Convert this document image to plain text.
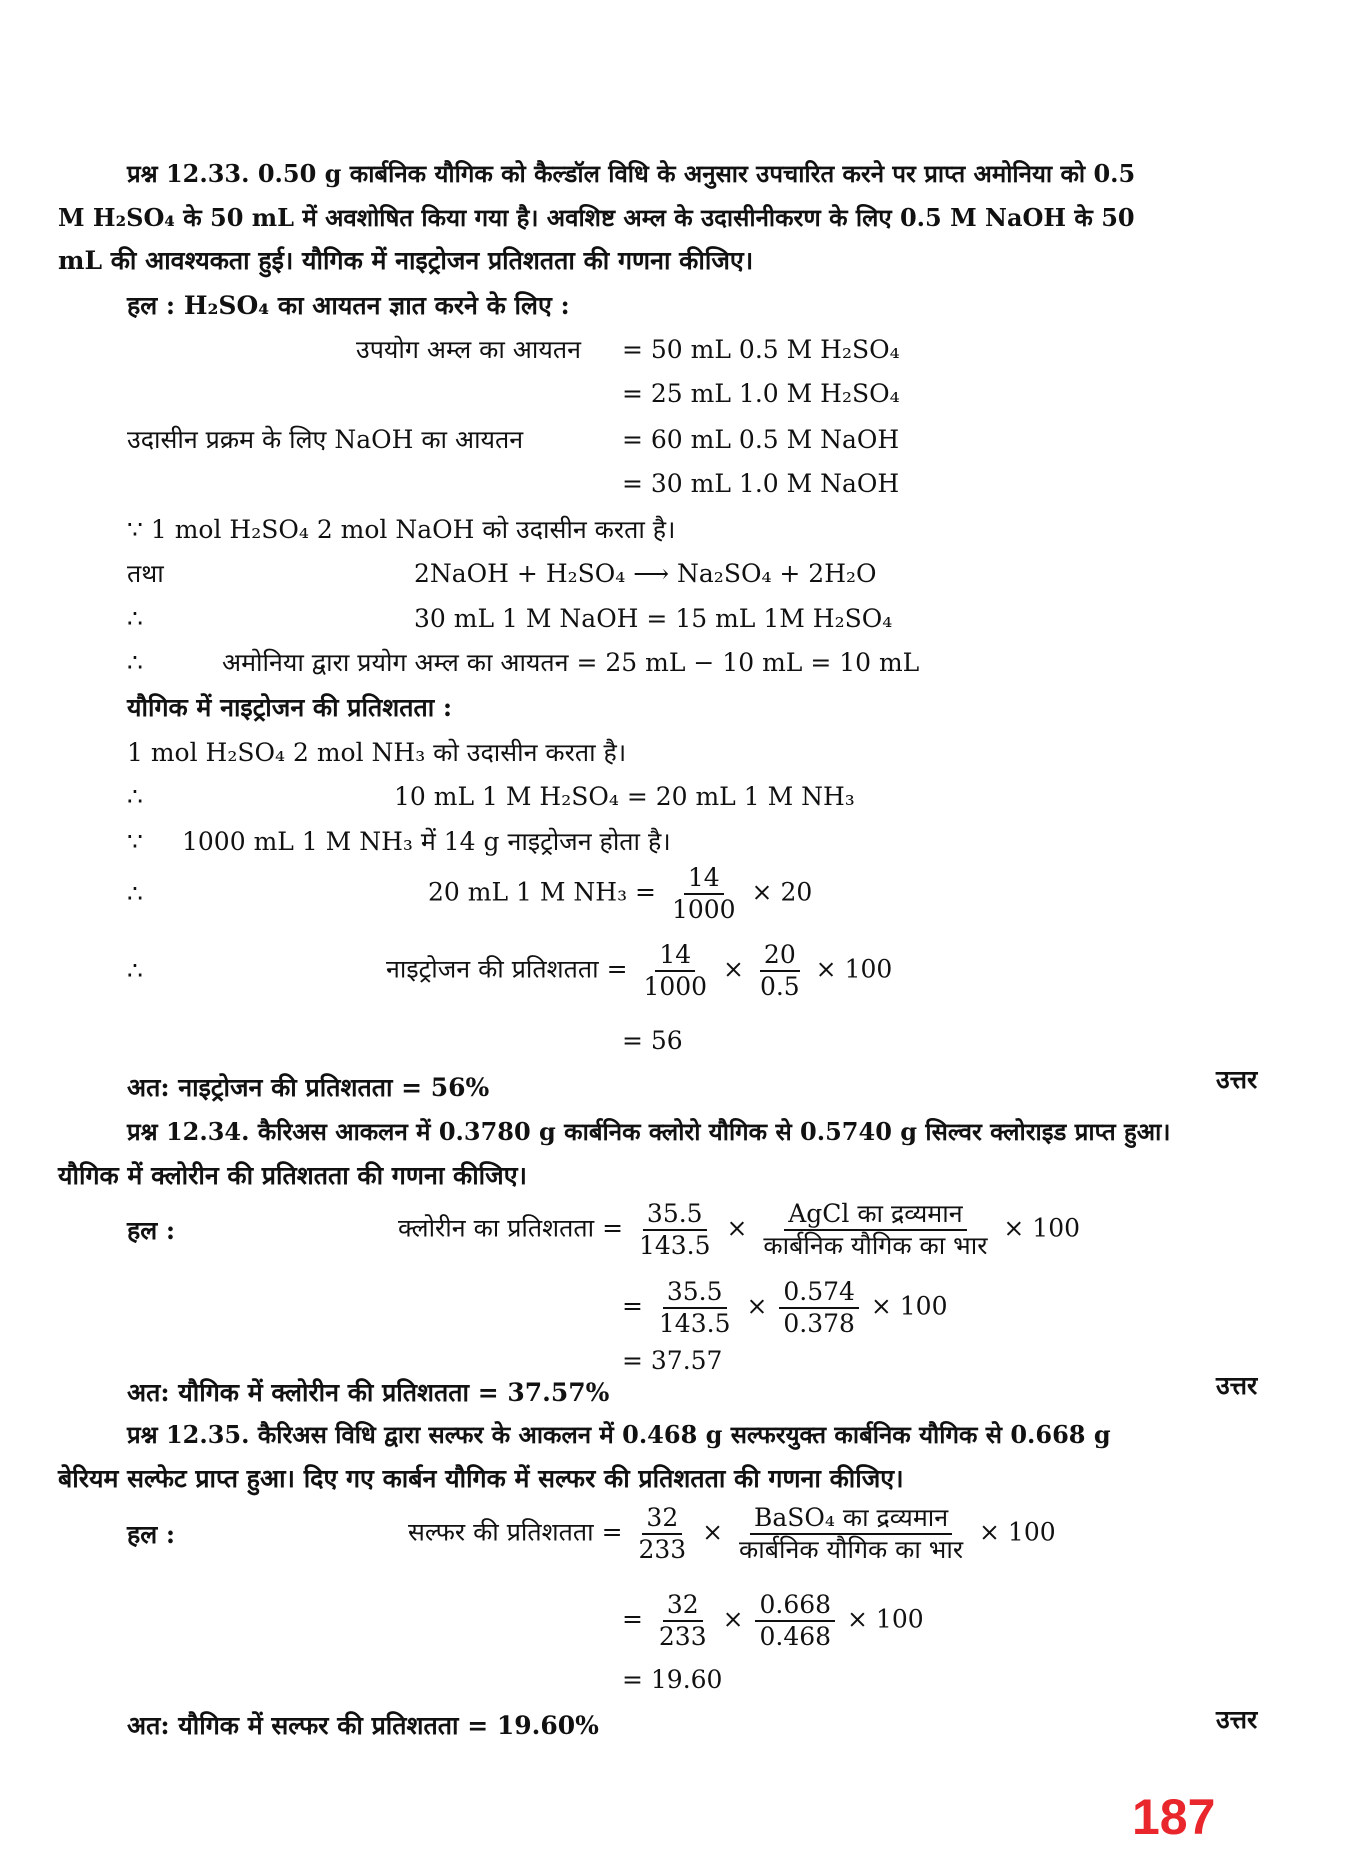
प्रश्न 12.33. 0.50 g कार्बनिक यौगिक को कैल्डॉल विधि के अनुसार उपचारित करने पर प्राप्त अमोनिया को 0.5
M H₂SO₄ के 50 mL में अवशोषित किया गया है। अवशिष्ट अम्ल के उदासीनीकरण के लिए 0.5 M NaOH के 50
mL की आवश्यकता हुई। यौगिक में नाइट्रोजन प्रतिशतता की गणना कीजिए।
हल : H₂SO₄ का आयतन ज्ञात करने के लिए :
उपयोग अम्ल का आयतन = 50 mL 0.5 M H₂SO₄
= 25 mL 1.0 M H₂SO₄
उदासीन प्रक्रम के लिए NaOH का आयतन	= 60 mL 0.5 M NaOH
= 30 mL 1.0 M NaOH
∵ 1 mol H₂SO₄ 2 mol NaOH को उदासीन करता है।
तथा	2NaOH + H₂SO₄ ⟶ Na₂SO₄ + 2H₂O
∴	30 mL 1 M NaOH = 15 mL 1M H₂SO₄
∴	अमोनिया द्वारा प्रयोग अम्ल का आयतन = 25 mL − 10 mL = 10 mL
यौगिक में नाइट्रोजन की प्रतिशतता :
1 mol H₂SO₄ 2 mol NH₃ को उदासीन करता है।
∴	10 mL 1 M H₂SO₄ = 20 mL 1 M NH₃
∵ 1000 mL 1 M NH₃ में 14 g नाइट्रोजन होता है।
∴	20 mL 1 M $NH_3 = \frac{14}{1000} \times 20$
∴	नाइट्रोजन की प्रतिशतता = $\frac{14}{1000} \times \frac{20}{0.5} \times 100$
= 56
अत: नाइट्रोजन की प्रतिशतता = 56%	उत्तर
प्रश्न 12.34. कैरिअस आकलन में 0.3780 g कार्बनिक क्लोरो यौगिक से 0.5740 g सिल्वर क्लोराइड प्राप्त हुआ।
यौगिक में क्लोरीन की प्रतिशतता की गणना कीजिए।
हल :	क्लोरीन का प्रतिशतता = $\frac{35.5}{143.5} \times \frac{\text{AgCl का द्रव्यमान}}{\text{कार्बनिक यौगिक का भार}} \times 100$
= $\frac{35.5}{143.5} \times \frac{0.574}{0.378} \times 100$
= 37.57
अत: यौगिक में क्लोरीन की प्रतिशतता = 37.57%	उत्तर
प्रश्न 12.35. कैरिअस विधि द्वारा सल्फर के आकलन में 0.468 g सल्फरयुक्त कार्बनिक यौगिक से 0.668 g
बेरियम सल्फेट प्राप्त हुआ। दिए गए कार्बन यौगिक में सल्फर की प्रतिशतता की गणना कीजिए।
हल :	सल्फर की प्रतिशतता = $\frac{32}{233} \times \frac{\text{BaSO₄ का द्रव्यमान}}{\text{कार्बनिक यौगिक का भार}} \times 100$
= $\frac{32}{233} \times \frac{0.668}{0.468} \times 100$
= 19.60
अत: यौगिक में सल्फर की प्रतिशतता = 19.60%	उत्तर
187
